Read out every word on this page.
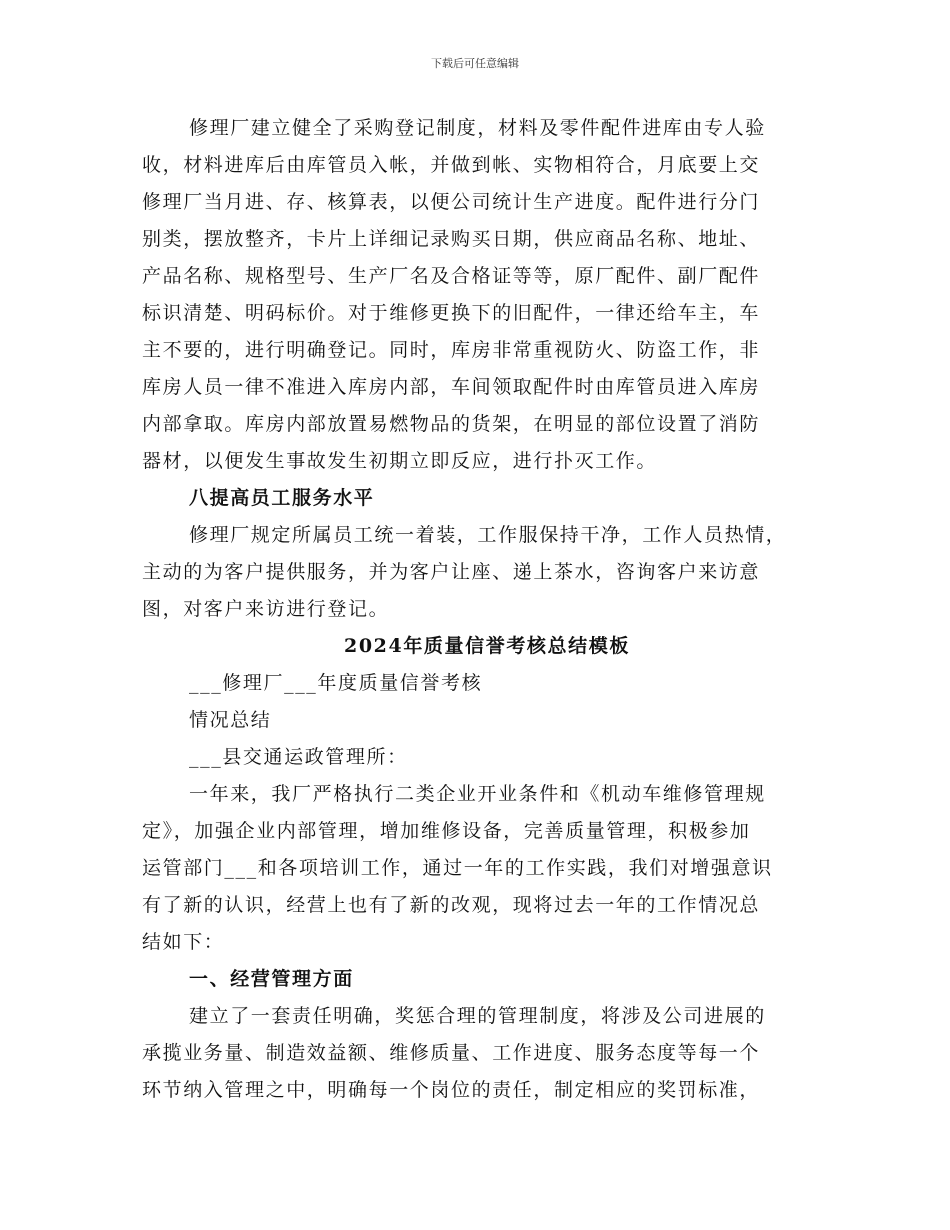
下载后可任意编辑
修理厂建立健全了采购登记制度，材料及零件配件进库由专人验
收，材料进库后由库管员入帐，并做到帐、实物相符合，月底要上交
修理厂当月进、存、核算表，以便公司统计生产进度。配件进行分门
别类，摆放整齐，卡片上详细记录购买日期，供应商品名称、地址、
产品名称、规格型号、生产厂名及合格证等等，原厂配件、副厂配件
标识清楚、明码标价。对于维修更换下的旧配件，一律还给车主，车
主不要的，进行明确登记。同时，库房非常重视防火、防盗工作，非
库房人员一律不准进入库房内部，车间领取配件时由库管员进入库房
内部拿取。库房内部放置易燃物品的货架，在明显的部位设置了消防
器材，以便发生事故发生初期立即反应，进行扑灭工作。
八提高员工服务水平
修理厂规定所属员工统一着装，工作服保持干净，工作人员热情，
主动的为客户提供服务，并为客户让座、递上茶水，咨询客户来访意
图，对客户来访进行登记。
2024年质量信誉考核总结模板
___修理厂___年度质量信誉考核
情况总结
___县交通运政管理所：
一年来，我厂严格执行二类企业开业条件和《机动车维修管理规
定》，加强企业内部管理，增加维修设备，完善质量管理，积极参加
运管部门___和各项培训工作，通过一年的工作实践，我们对增强意识
有了新的认识，经营上也有了新的改观，现将过去一年的工作情况总
结如下：
一、经营管理方面
建立了一套责任明确，奖惩合理的管理制度，将涉及公司进展的
承揽业务量、制造效益额、维修质量、工作进度、服务态度等每一个
环节纳入管理之中，明确每一个岗位的责任，制定相应的奖罚标准，
